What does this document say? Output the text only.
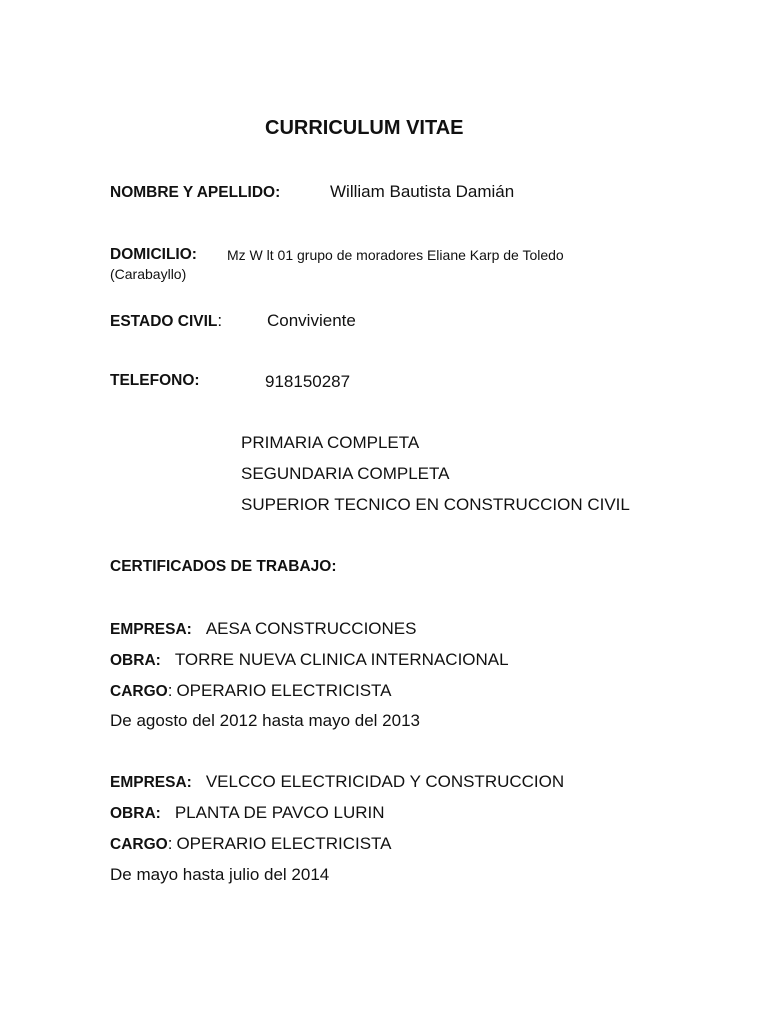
CURRICULUM VITAE
NOMBRE Y APELLIDO:	William Bautista Damián
DOMICILIO: Mz W lt 01 grupo de moradores Eliane Karp de Toledo
(Carabayllo)
ESTADO CIVIL:	Conviviente
TELEFONO:	918150287
PRIMARIA COMPLETA
SEGUNDARIA COMPLETA
SUPERIOR TECNICO EN CONSTRUCCION CIVIL
CERTIFICADOS DE TRABAJO:
EMPRESA: AESA CONSTRUCCIONES
OBRA: TORRE NUEVA CLINICA INTERNACIONAL
CARGO: OPERARIO ELECTRICISTA
De agosto del 2012 hasta mayo del 2013
EMPRESA: VELCCO ELECTRICIDAD Y CONSTRUCCION
OBRA: PLANTA DE PAVCO LURIN
CARGO: OPERARIO ELECTRICISTA
De mayo hasta julio del 2014
